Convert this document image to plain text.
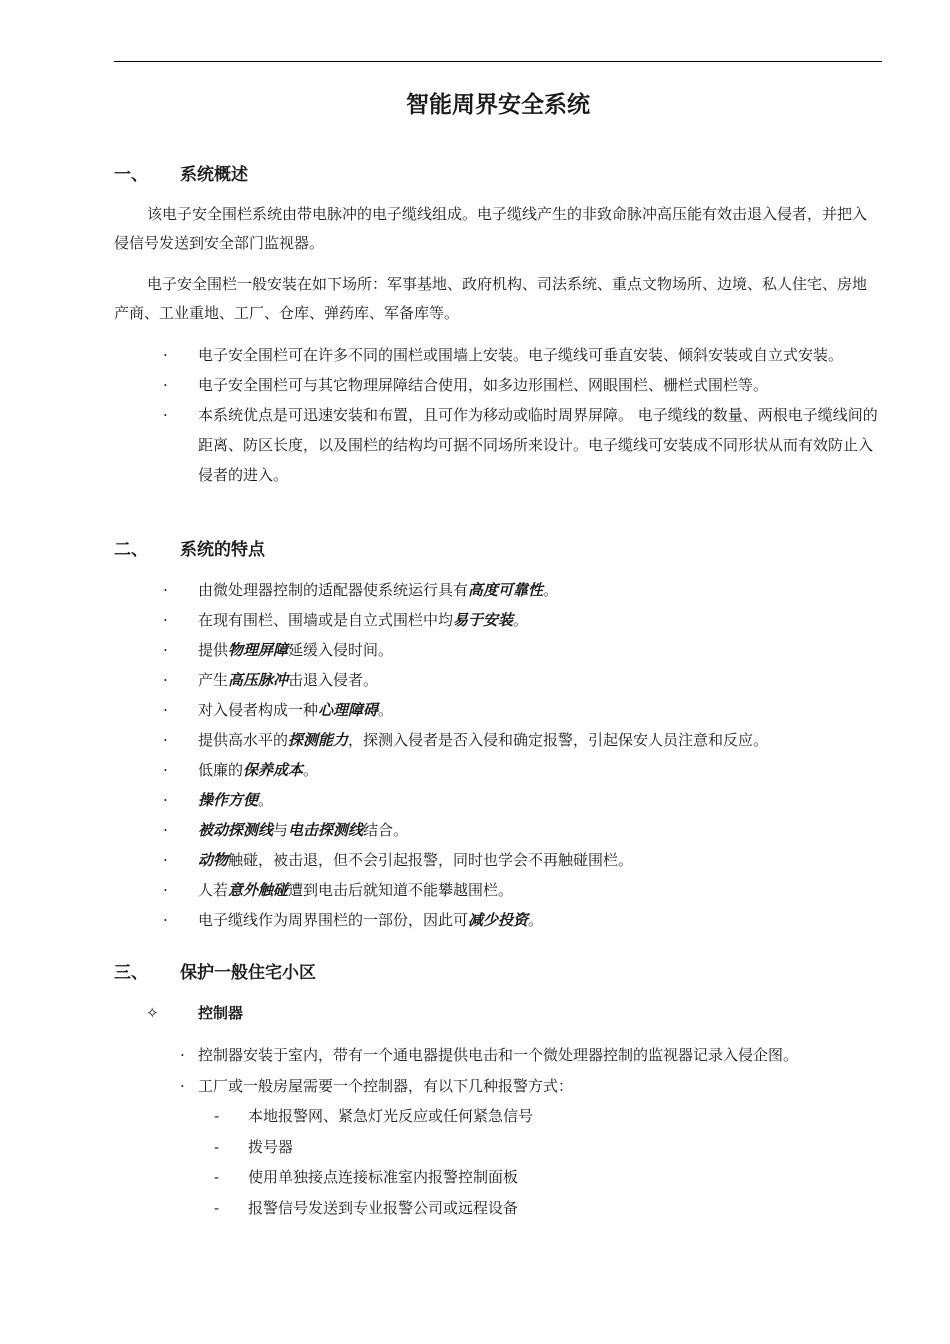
智能周界安全系统
一、 系统概述

该电子安全围栏系统由带电脉冲的电子缆线组成。电子缆线产生的非致命脉冲高压能有效击退入侵者，并把入侵信号发送到安全部门监视器。

电子安全围栏一般安装在如下场所：军事基地、政府机构、司法系统、重点文物场所、边境、私人住宅、房地产商、工业重地、工厂、仓库、弹药库、军备库等。

· 电子安全围栏可在许多不同的围栏或围墙上安装。电子缆线可垂直安装、倾斜安装或自立式安装。
· 电子安全围栏可与其它物理屏障结合使用，如多边形围栏、网眼围栏、栅栏式围栏等。
· 本系统优点是可迅速安装和布置，且可作为移动或临时周界屏障。 电子缆线的数量、两根电子缆线间的距离、防区长度，以及围栏的结构均可据不同场所来设计。电子缆线可安装成不同形状从而有效防止入侵者的进入。
二、 系统的特点
· 由微处理器控制的适配器使系统运行具有高度可靠性。
· 在现有围栏、围墙或是自立式围栏中均易于安装。
· 提供物理屏障延缓入侵时间。
· 产生高压脉冲击退入侵者。
· 对入侵者构成一种心理障碍。
· 提供高水平的探测能力，探测入侵者是否入侵和确定报警，引起保安人员注意和反应。
· 低廉的保养成本。
· 操作方便。
· 被动探测线与电击探测线结合。
· 动物触碰，被击退，但不会引起报警，同时也学会不再触碰围栏。
· 人若意外触碰遭到电击后就知道不能攀越围栏。
· 电子缆线作为周界围栏的一部份，因此可减少投资。
三、 保护一般住宅小区
✧	控制器
· 控制器安装于室内，带有一个通电器提供电击和一个微处理器控制的监视器记录入侵企图。
· 工厂或一般房屋需要一个控制器，有以下几种报警方式：
- 本地报警网、紧急灯光反应或任何紧急信号
- 拨号器
- 使用单独接点连接标准室内报警控制面板
- 报警信号发送到专业报警公司或远程设备
